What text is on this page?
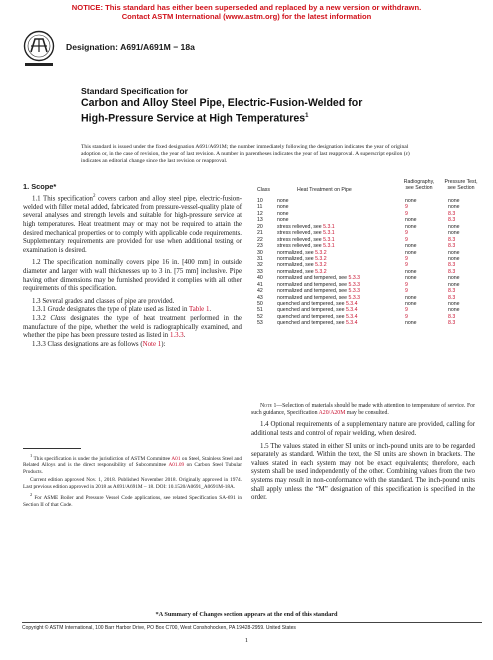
NOTICE: This standard has either been superseded and replaced by a new version or withdrawn.
Contact ASTM International (www.astm.org) for the latest information
Designation: A691/A691M − 18a
Standard Specification for
Carbon and Alloy Steel Pipe, Electric-Fusion-Welded for
High-Pressure Service at High Temperatures$^1$
This standard is issued under the fixed designation A691/A691M; the number immediately following the designation indicates the year of original adoption or, in the case of revision, the year of last revision. A number in parentheses indicates the year of last reapproval. A superscript epsilon (ε) indicates an editorial change since the last revision or reapproval.
1. Scope*

1.1 This specification$^2$ covers carbon and alloy steel pipe, electric-fusion-welded with filler metal added, fabricated from pressure-vessel-quality plate of several analyses and strength levels and suitable for high-pressure service at high temperatures. Heat treatment may or may not be required to attain the desired mechanical properties or to comply with applicable code requirements. Supplementary requirements are provided for use when additional testing or examination is desired.

1.2 The specification nominally covers pipe 16 in. [400 mm] in outside diameter and larger with wall thicknesses up to 3 in. [75 mm] inclusive. Pipe having other dimensions may be furnished provided it complies with all other requirements of this specification.

1.3 Several grades and classes of pipe are provided.

1.3.1 Grade designates the type of plate used as listed in Table 1.

1.3.2 Class designates the type of heat treatment performed in the manufacture of the pipe, whether the weld is radiographically examined, and whether the pipe has been pressure tested as listed in 1.3.3.

1.3.3 Class designations are as follows (Note 1):

$^1$ This specification is under the jurisdiction of ASTM Committee A01 on Steel, Stainless Steel and Related Alloys and is the direct responsibility of Subcommittee A01.09 on Carbon Steel Tubular Products.

Current edition approved Nov. 1, 2018. Published November 2018. Originally approved in 1974. Last previous edition approved in 2018 as A691/A691M – 18. DOI: 10.1520/A0691_A0691M-18A.

$^2$ For ASME Boiler and Pressure Vessel Code applications, see related Specification SA-691 in Section II of that Code.

Class	Heat Treatment on Pipe
Radiography,
see Section
Pressure Test,
see Section
10	none	none	none
11	none	9	none
12	none	9	8.3
13	none	none	8.3
20	stress relieved, see 5.3.1	none	none
21	stress relieved, see 5.3.1	9	none
22	stress relieved, see 5.3.1	9	8.3
23	stress relieved, see 5.3.1	none	8.3
30	normalized, see 5.3.2	none	none
31	normalized, see 5.3.2	9	none
32	normalized, see 5.3.2	9	8.3
33	normalized, see 5.3.2	none	8.3
40	normalized and tempered, see 5.3.3	none	none
41	normalized and tempered, see 5.3.3	9	none
42	normalized and tempered, see 5.3.3	9	8.3
43	normalized and tempered, see 5.3.3	none	8.3
50	quenched and tempered, see 5.3.4	none	none
51	quenched and tempered, see 5.3.4	9	none
52	quenched and tempered, see 5.3.4	9	8.3
53	quenched and tempered, see 5.3.4	none	8.3

Note 1—Selection of materials should be made with attention to temperature of service. For such guidance, Specification A20/A20M may be consulted.

1.4 Optional requirements of a supplementary nature are provided, calling for additional tests and control of repair welding, when desired.

1.5 The values stated in either SI units or inch-pound units are to be regarded separately as standard. Within the text, the SI units are shown in brackets. The values stated in each system may not be exact equivalents; therefore, each system shall be used independently of the other. Combining values from the two systems may result in non-conformance with the standard. The inch-pound units shall apply unless the “M” designation of this specification is specified in the order.

*A Summary of Changes section appears at the end of this standard
Copyright © ASTM International, 100 Barr Harbor Drive, PO Box C700, West Conshohocken, PA 19428-2959. United States
1
